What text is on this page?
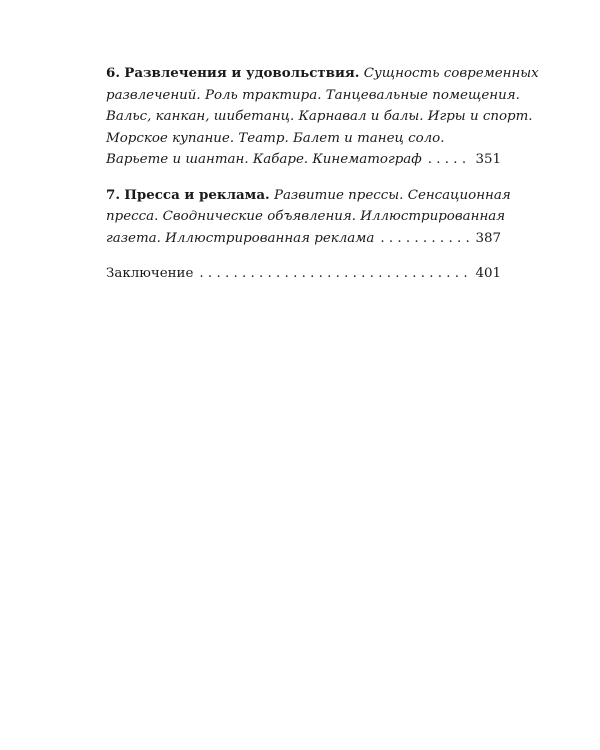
6. Развлечения и удовольствия. Сущность современных
развлечений. Роль трактира. Танцевальные помещения.
Вальс, канкан, шибетанц. Карнавал и балы. Игры и спорт.
Морское купание. Театр. Балет и танец соло.
Варьете и шантан. Кабаре. Кинематограф . . .	351
7. Пресса и реклама. Развитие прессы. Сенсационная
пресса. Своднические объявления. Иллюстрированная
газета. Иллюстрированная реклама . . .	387
Заключение . . .	401
